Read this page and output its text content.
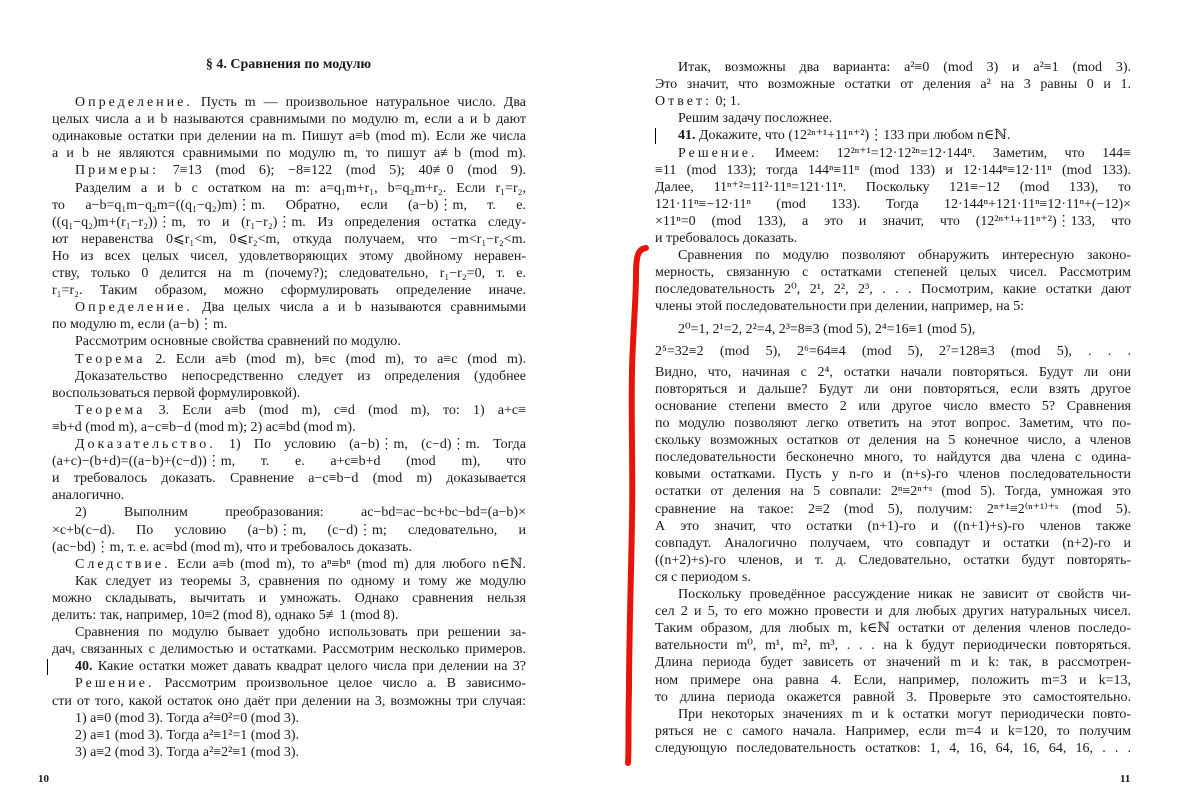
§ 4. Сравнения по модулю
Определение. Пусть m — произвольное натуральное число. Два
целых числа a и b называются сравнимыми по модулю m, если a и b дают
одинаковые остатки при делении на m. Пишут a≡b (mod m). Если же числа
a и b не являются сравнимыми по модулю m, то пишут a≢b (mod m).
Примеры: 7≡13 (mod 6); −8≡122 (mod 5); 40≢0 (mod 9).
Разделим a и b с остатком на m: a=q₁m+r₁, b=q₂m+r₂. Если r₁=r₂,
то a−b=q₁m−q₂m=((q₁−q₂)m)⋮m. Обратно, если (a−b)⋮m, т. е.
((q₁−q₂)m+(r₁−r₂))⋮m, то и (r₁−r₂)⋮m. Из определения остатка следу-
ют неравенства 0⩽r₁<m, 0⩽r₂<m, откуда получаем, что −m<r₁−r₂<m.
Но из всех целых чисел, удовлетворяющих этому двойному неравен-
ству, только 0 делится на m (почему?); следовательно, r₁−r₂=0, т. е.
r₁=r₂. Таким образом, можно сформулировать определение иначе.
Определение. Два целых числа a и b называются сравнимыми
по модулю m, если (a−b)⋮m.
Рассмотрим основные свойства сравнений по модулю.
Теорема 2. Если a≡b (mod m), b≡c (mod m), то a≡c (mod m).
Доказательство непосредственно следует из определения (удобнее
воспользоваться первой формулировкой).
Теорема 3. Если a≡b (mod m), c≡d (mod m), то: 1) a+c≡
≡b+d (mod m), a−c≡b−d (mod m); 2) ac≡bd (mod m).
Доказательство. 1) По условию (a−b)⋮m, (c−d)⋮m. Тогда
(a+c)−(b+d)=((a−b)+(c−d))⋮m, т. е. a+c≡b+d (mod m), что
и требовалось доказать. Сравнение a−c≡b−d (mod m) доказывается
аналогично.
2) Выполним преобразования: ac−bd=ac−bc+bc−bd=(a−b)×
×c+b(c−d). По условию (a−b)⋮m, (c−d)⋮m; следовательно, и
(ac−bd)⋮m, т. е. ac≡bd (mod m), что и требовалось доказать.
Следствие. Если a≡b (mod m), то aⁿ≡bⁿ (mod m) для любого n∈ℕ.
Как следует из теоремы 3, сравнения по одному и тому же модулю
можно складывать, вычитать и умножать. Однако сравнения нельзя
делить: так, например, 10≡2 (mod 8), однако 5≢1 (mod 8).
Сравнения по модулю бывает удобно использовать при решении за-
дач, связанных с делимостью и остатками. Рассмотрим несколько примеров.
40. Какие остатки может давать квадрат целого числа при делении на 3?
Решение. Рассмотрим произвольное целое число a. В зависимо-
сти от того, какой остаток оно даёт при делении на 3, возможны три случая:
1) a≡0 (mod 3). Тогда a²≡0²=0 (mod 3).
2) a≡1 (mod 3). Тогда a²≡1²=1 (mod 3).
3) a≡2 (mod 3). Тогда a²≡2²≡1 (mod 3).
10
Итак, возможны два варианта: a²≡0 (mod 3) и a²≡1 (mod 3).
Это значит, что возможные остатки от деления a² на 3 равны 0 и 1.
Ответ: 0; 1.
Решим задачу посложнее.
41. Докажите, что (12²ⁿ⁺¹+11ⁿ⁺²)⋮133 при любом n∈ℕ.
Решение. Имеем: 12²ⁿ⁺¹=12·12²ⁿ=12·144ⁿ. Заметим, что 144≡
≡11 (mod 133); тогда 144ⁿ≡11ⁿ (mod 133) и 12·144ⁿ≡12·11ⁿ (mod 133).
Далее, 11ⁿ⁺²=11²·11ⁿ=121·11ⁿ. Поскольку 121≡−12 (mod 133), то
121·11ⁿ≡−12·11ⁿ (mod 133). Тогда 12·144ⁿ+121·11ⁿ≡12·11ⁿ+(−12)×
×11ⁿ=0 (mod 133), а это и значит, что (12²ⁿ⁺¹+11ⁿ⁺²)⋮133, что
и требовалось доказать.
Сравнения по модулю позволяют обнаружить интересную законо-
мерность, связанную с остатками степеней целых чисел. Рассмотрим
последовательность 2⁰, 2¹, 2², 2³, . . . Посмотрим, какие остатки дают
члены этой последовательности при делении, например, на 5:
2⁰=1, 2¹=2, 2²=4, 2³=8≡3 (mod 5), 2⁴=16≡1 (mod 5),
2⁵=32≡2 (mod 5), 2⁶=64≡4 (mod 5), 2⁷=128≡3 (mod 5), . . .
Видно, что, начиная с 2⁴, остатки начали повторяться. Будут ли они
повторяться и дальше? Будут ли они повторяться, если взять другое
основание степени вместо 2 или другое число вместо 5? Сравнения
по модулю позволяют легко ответить на этот вопрос. Заметим, что по-
скольку возможных остатков от деления на 5 конечное число, а членов
последовательности бесконечно много, то найдутся два члена с одина-
ковыми остатками. Пусть у n-го и (n+s)-го членов последовательности
остатки от деления на 5 совпали: 2ⁿ≡2ⁿ⁺ˢ (mod 5). Тогда, умножая это
сравнение на такое: 2≡2 (mod 5), получим: 2ⁿ⁺¹≡2⁽ⁿ⁺¹⁾⁺ˢ (mod 5).
А это значит, что остатки (n+1)-го и ((n+1)+s)-го членов также
совпадут. Аналогично получаем, что совпадут и остатки (n+2)-го и
((n+2)+s)-го членов, и т. д. Следовательно, остатки будут повторять-
ся с периодом s.
Поскольку проведённое рассуждение никак не зависит от свойств чи-
сел 2 и 5, то его можно провести и для любых других натуральных чисел.
Таким образом, для любых m, k∈ℕ остатки от деления членов последо-
вательности m⁰, m¹, m², m³, . . . на k будут периодически повторяться.
Длина периода будет зависеть от значений m и k: так, в рассмотрен-
ном примере она равна 4. Если, например, положить m=3 и k=13,
то длина периода окажется равной 3. Проверьте это самостоятельно.
При некоторых значениях m и k остатки могут периодически повто-
ряться не с самого начала. Например, если m=4 и k=120, то получим
следующую последовательность остатков: 1, 4, 16, 64, 16, 64, 16, . . .
11
